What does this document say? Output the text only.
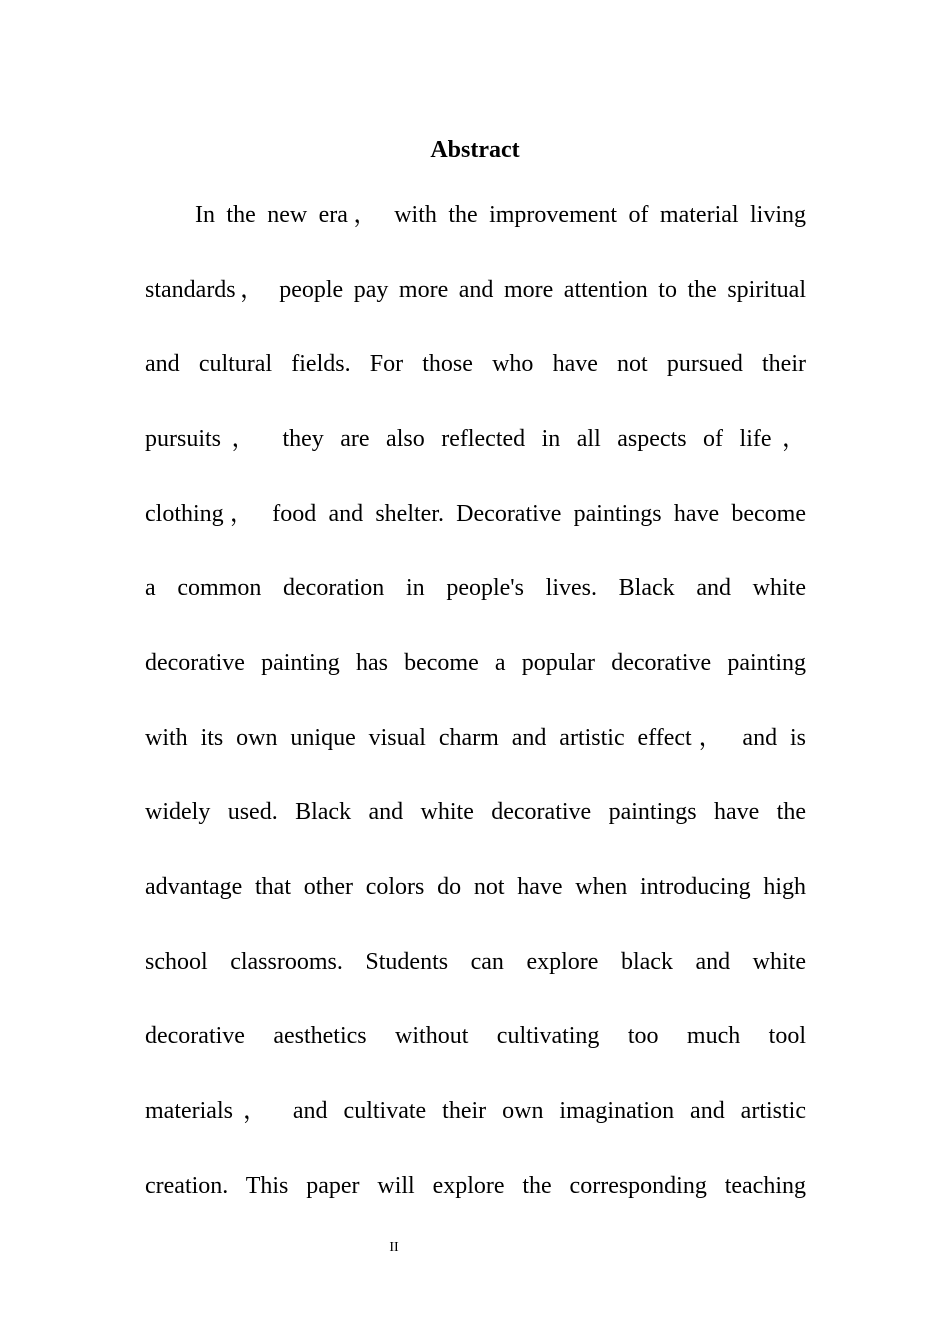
Abstract
In the new era， with the improvement of material living
standards， people pay more and more attention to the spiritual
and cultural fields. For those who have not pursued their
pursuits， they are also reflected in all aspects of life，
clothing， food and shelter. Decorative paintings have become
a common decoration in people's lives. Black and white
decorative painting has become a popular decorative painting
with its own unique visual charm and artistic effect， and is
widely used. Black and white decorative paintings have the
advantage that other colors do not have when introducing high
school classrooms. Students can explore black and white
decorative aesthetics without cultivating too much tool
materials， and cultivate their own imagination and artistic
creation. This paper will explore the corresponding teaching
II
